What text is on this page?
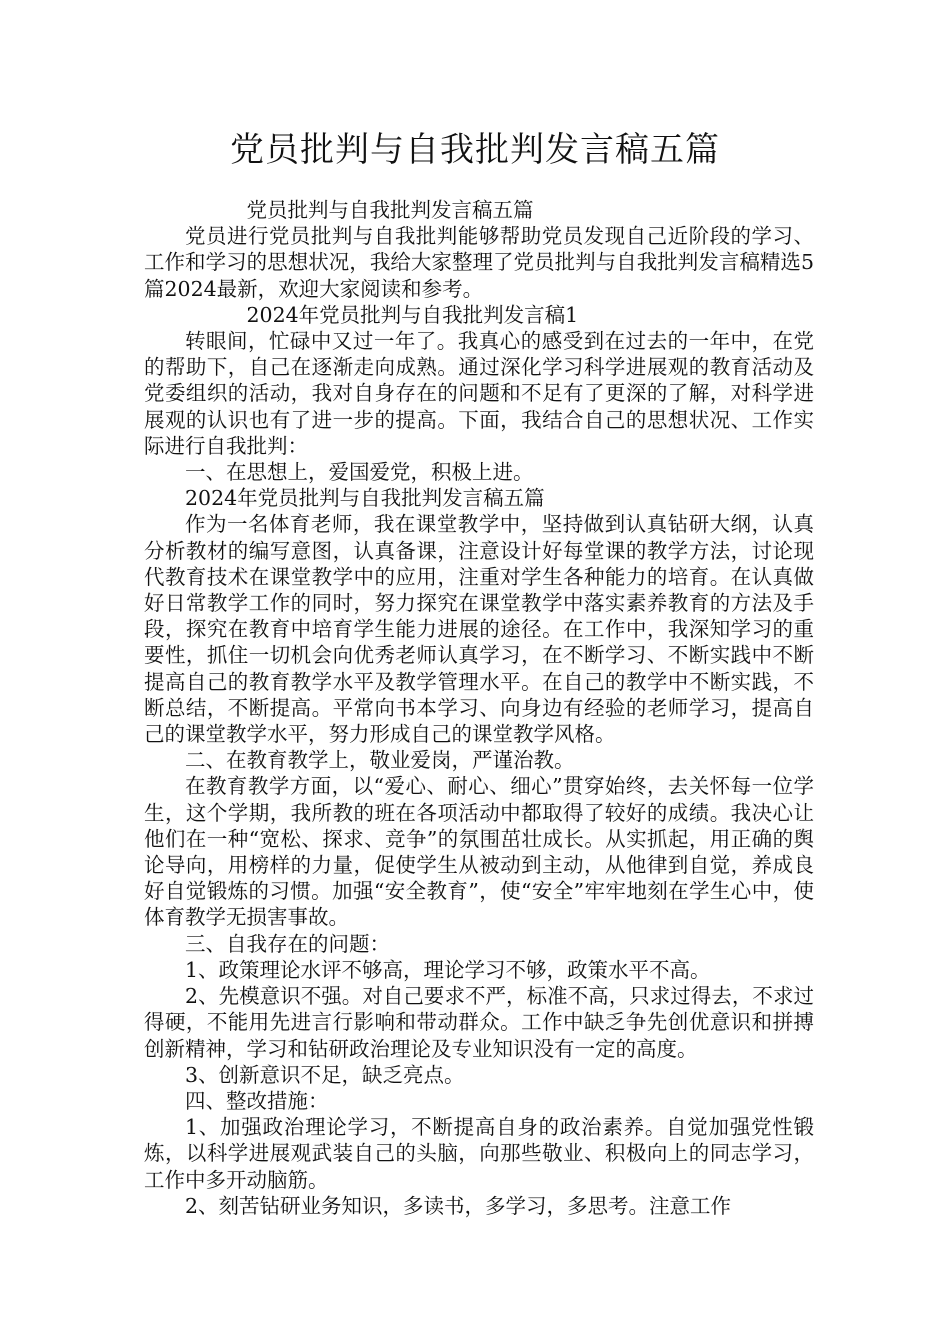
党员批判与自我批判发言稿五篇

党员批判与自我批判发言稿五篇

党员进行党员批判与自我批判能够帮助党员发现自己近阶段的学习、工作和学习的思想状况，我给大家整理了党员批判与自我批判发言稿精选5篇2024最新，欢迎大家阅读和参考。

2024年党员批判与自我批判发言稿1

转眼间，忙碌中又过一年了。我真心的感受到在过去的一年中，在党的帮助下，自己在逐渐走向成熟。通过深化学习科学进展观的教育活动及党委组织的活动，我对自身存在的问题和不足有了更深的了解，对科学进展观的认识也有了进一步的提高。下面，我结合自己的思想状况、工作实际进行自我批判：

一、在思想上，爱国爱党，积极上进。

2024年党员批判与自我批判发言稿五篇

作为一名体育老师，我在课堂教学中，坚持做到认真钻研大纲，认真分析教材的编写意图，认真备课，注意设计好每堂课的教学方法，讨论现代教育技术在课堂教学中的应用，注重对学生各种能力的培育。在认真做好日常教学工作的同时，努力探究在课堂教学中落实素养教育的方法及手段，探究在教育中培育学生能力进展的途径。在工作中，我深知学习的重要性，抓住一切机会向优秀老师认真学习，在不断学习、不断实践中不断提高自己的教育教学水平及教学管理水平。在自己的教学中不断实践，不断总结，不断提高。平常向书本学习、向身边有经验的老师学习，提高自己的课堂教学水平，努力形成自己的课堂教学风格。

二、在教育教学上，敬业爱岗，严谨治教。

在教育教学方面，以“爱心、耐心、细心”贯穿始终，去关怀每一位学生，这个学期，我所教的班在各项活动中都取得了较好的成绩。我决心让他们在一种“宽松、探求、竞争”的氛围茁壮成长。从实抓起，用正确的舆论导向，用榜样的力量，促使学生从被动到主动，从他律到自觉，养成良好自觉锻炼的习惯。加强“安全教育”，使“安全”牢牢地刻在学生心中，使体育教学无损害事故。

三、自我存在的问题：

1、政策理论水评不够高，理论学习不够，政策水平不高。

2、先模意识不强。对自己要求不严，标准不高，只求过得去，不求过得硬，不能用先进言行影响和带动群众。工作中缺乏争先创优意识和拼搏创新精神，学习和钻研政治理论及专业知识没有一定的高度。

3、创新意识不足，缺乏亮点。

四、整改措施：

1、加强政治理论学习，不断提高自身的政治素养。自觉加强党性锻炼，以科学进展观武装自己的头脑，向那些敬业、积极向上的同志学习，工作中多开动脑筋。

2、刻苦钻研业务知识，多读书，多学习，多思考。注意工作
